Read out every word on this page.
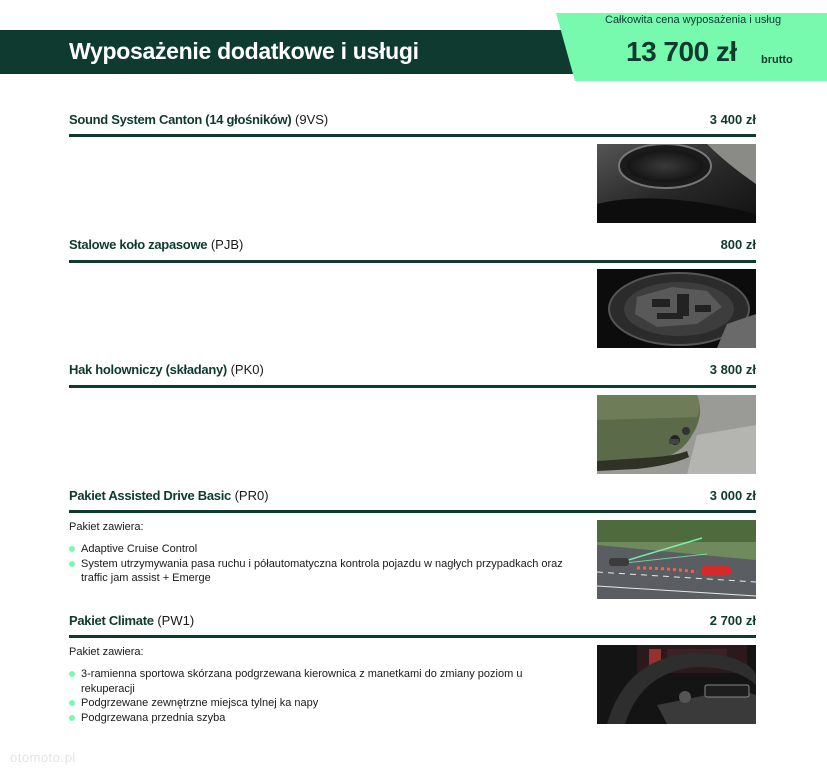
Wyposażenie dodatkowe i usługi
Całkowita cena wyposażenia i usług
13 700 zł brutto
Sound System Canton (14 głośników) (9VS)	3 400 zł
Stalowe koło zapasowe (PJB)	800 zł
Hak holowniczy (składany) (PK0)	3 800 zł
Pakiet Assisted Drive Basic (PR0)	3 000 zł
Pakiet zawiera:
Adaptive Cruise Control
System utrzymywania pasa ruchu i półautomatyczna kontrola pojazdu w nagłych przypadkach oraz traffic jam assist + Emerge
Pakiet Climate (PW1)	2 700 zł
Pakiet zawiera:
3-ramienna sportowa skórzana podgrzewana kierownica z manetkami do zmiany poziom u rekuperacji
Podgrzewane zewnętrzne miejsca tylnej ka napy
Podgrzewana przednia szyba
otomoto.pl
